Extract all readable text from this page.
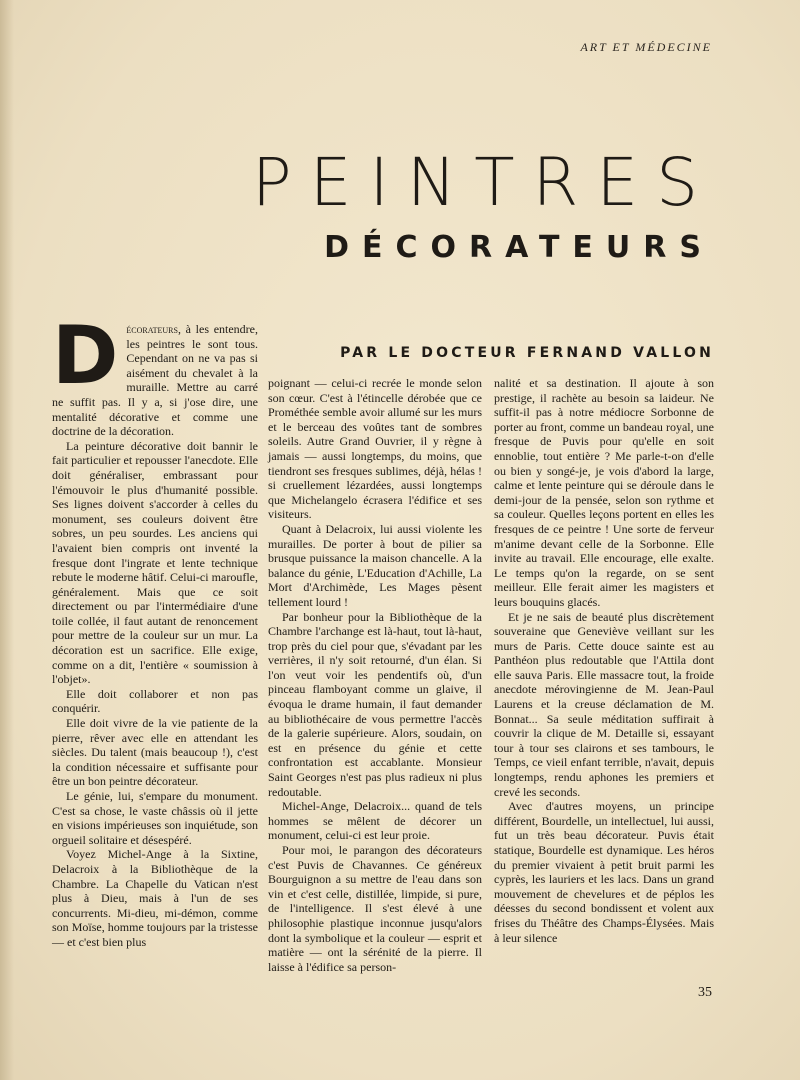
ART ET MÉDECINE
PEINTRES
DÉCORATEURS
PAR LE DOCTEUR FERNAND VALLON

Décorateurs, à les entendre, les peintres le sont tous. Cependant on ne va pas si aisément du chevalet à la muraille. Mettre au carré ne suffit pas. Il y a, si j'ose dire, une mentalité décorative et comme une doctrine de la décoration.

La peinture décorative doit bannir le fait particulier et repousser l'anecdote. Elle doit généraliser, embrassant pour l'émouvoir le plus d'humanité possible. Ses lignes doivent s'accorder à celles du monument, ses couleurs doivent être sobres, un peu sourdes. Les anciens qui l'avaient bien compris ont inventé la fresque dont l'ingrate et lente technique rebute le moderne hâtif. Celui-ci maroufle, généralement. Mais que ce soit directement ou par l'intermédiaire d'une toile collée, il faut autant de renoncement pour mettre de la couleur sur un mur. La décoration est un sacrifice. Elle exige, comme on a dit, l'entière « soumission à l'objet».

Elle doit collaborer et non pas conquérir.

Elle doit vivre de la vie patiente de la pierre, rêver avec elle en attendant les siècles. Du talent (mais beaucoup !), c'est la condition nécessaire et suffisante pour être un bon peintre décorateur.

Le génie, lui, s'empare du monument. C'est sa chose, le vaste châssis où il jette en visions impérieuses son inquiétude, son orgueil solitaire et désespéré.

Voyez Michel-Ange à la Sixtine, Delacroix à la Bibliothèque de la Chambre. La Chapelle du Vatican n'est plus à Dieu, mais à l'un de ses concurrents. Mi-dieu, mi-démon, comme son Moïse, homme toujours par la tristesse — et c'est bien plus

poignant — celui-ci recrée le monde selon son cœur. C'est à l'étincelle dérobée que ce Prométhée semble avoir allumé sur les murs et le berceau des voûtes tant de sombres soleils. Autre Grand Ouvrier, il y règne à jamais — aussi longtemps, du moins, que tiendront ses fresques sublimes, déjà, hélas ! si cruellement lézardées, aussi longtemps que Michelangelo écrasera l'édifice et ses visiteurs.

Quant à Delacroix, lui aussi violente les murailles. De porter à bout de pilier sa brusque puissance la maison chancelle. A la balance du génie, L'Education d'Achille, La Mort d'Archimède, Les Mages pèsent tellement lourd !

Par bonheur pour la Bibliothèque de la Chambre l'archange est là-haut, tout là-haut, trop près du ciel pour que, s'évadant par les verrières, il n'y soit retourné, d'un élan. Si l'on veut voir les pendentifs où, d'un pinceau flamboyant comme un glaive, il évoqua le drame humain, il faut demander au bibliothécaire de vous permettre l'accès de la galerie supérieure. Alors, soudain, on est en présence du génie et cette confrontation est accablante. Monsieur Saint Georges n'est pas plus radieux ni plus redoutable.

Michel-Ange, Delacroix... quand de tels hommes se mêlent de décorer un monument, celui-ci est leur proie.

Pour moi, le parangon des décorateurs c'est Puvis de Chavannes. Ce généreux Bourguignon a su mettre de l'eau dans son vin et c'est celle, distillée, limpide, si pure, de l'intelligence. Il s'est élevé à une philosophie plastique inconnue jusqu'alors dont la symbolique et la couleur — esprit et matière — ont la sérénité de la pierre. Il laisse à l'édifice sa person-

nalité et sa destination. Il ajoute à son prestige, il rachète au besoin sa laideur. Ne suffit-il pas à notre médiocre Sorbonne de porter au front, comme un bandeau royal, une fresque de Puvis pour qu'elle en soit ennoblie, tout entière ? Me parle-t-on d'elle ou bien y songé-je, je vois d'abord la large, calme et lente peinture qui se déroule dans le demi-jour de la pensée, selon son rythme et sa couleur. Quelles leçons portent en elles les fresques de ce peintre ! Une sorte de ferveur m'anime devant celle de la Sorbonne. Elle invite au travail. Elle encourage, elle exalte. Le temps qu'on la regarde, on se sent meilleur. Elle ferait aimer les magisters et leurs bouquins glacés.

Et je ne sais de beauté plus discrètement souveraine que Geneviève veillant sur les murs de Paris. Cette douce sainte est au Panthéon plus redoutable que l'Attila dont elle sauva Paris. Elle massacre tout, la froide anecdote mérovingienne de M. Jean-Paul Laurens et la creuse déclamation de M. Bonnat... Sa seule méditation suffirait à couvrir la clique de M. Detaille si, essayant tour à tour ses clairons et ses tambours, le Temps, ce vieil enfant terrible, n'avait, depuis longtemps, rendu aphones les premiers et crevé les seconds.

Avec d'autres moyens, un principe différent, Bourdelle, un intellectuel, lui aussi, fut un très beau décorateur. Puvis était statique, Bourdelle est dynamique. Les héros du premier vivaient à petit bruit parmi les cyprès, les lauriers et les lacs. Dans un grand mouvement de chevelures et de péplos les déesses du second bondissent et volent aux frises du Théâtre des Champs-Élysées. Mais à leur silence

35
